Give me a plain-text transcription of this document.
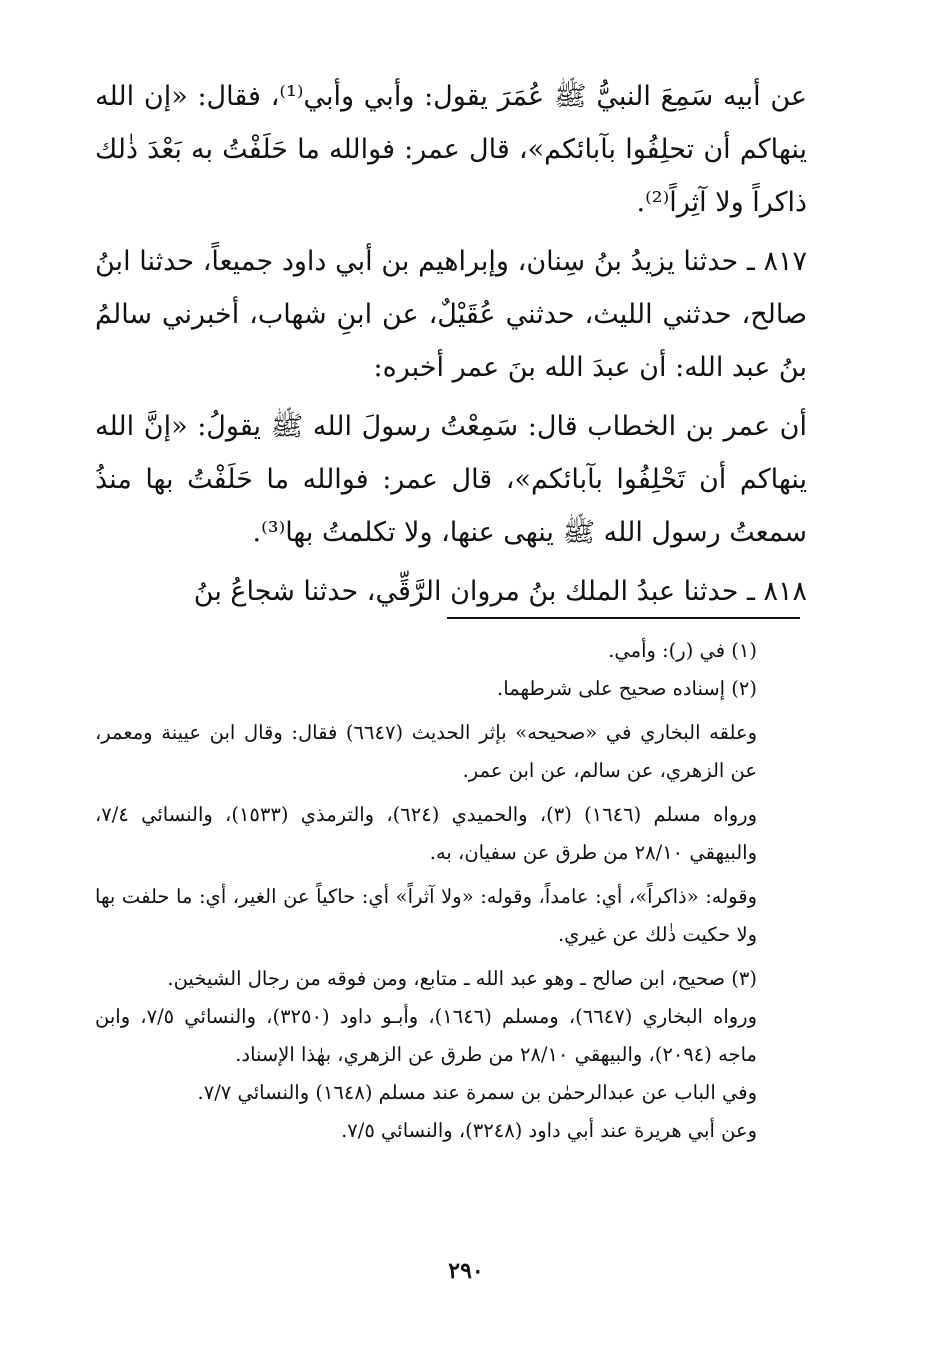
عن أبيه سَمِعَ النبيُّ ﷺ عُمَرَ يقول: وأبي وأبي⁽¹⁾، فقال: «إن الله ينهاكم أن تحلِفُوا بآبائكم»، قال عمر: فوالله ما حَلَفْتُ به بَعْدَ ذٰلك ذاكراً ولا آثِراً⁽²⁾.

٨١٧ ـ حدثنا يزيدُ بنُ سِنان، وإبراهيم بن أبي داود جميعاً، حدثنا ابنُ صالح، حدثني الليث، حدثني عُقَيْلٌ، عن ابنِ شهاب، أخبرني سالمُ بنُ عبد الله: أن عبدَ الله بنَ عمر أخبره:

أن عمر بن الخطاب قال: سَمِعْتُ رسولَ الله ﷺ يقولُ: «إنَّ الله ينهاكم أن تَحْلِفُوا بآبائكم»، قال عمر: فوالله ما حَلَفْتُ بها منذُ سمعتُ رسول الله ﷺ ينهى عنها، ولا تكلمتُ بها⁽³⁾.

٨١٨ ـ حدثنا عبدُ الملك بنُ مروان الرَّقِّي، حدثنا شجاعُ بنُ

(١) في (ر): وأمي.

(٢) إسناده صحيح على شرطهما.

وعلقه البخاري في «صحيحه» بإثر الحديث (٦٦٤٧) فقال: وقال ابن عيينة ومعمر، عن الزهري، عن سالم، عن ابن عمر.

ورواه مسلم (١٦٤٦) (٣)، والحميدي (٦٢٤)، والترمذي (١٥٣٣)، والنسائي ٧/٤، والبيهقي ٢٨/١٠ من طرق عن سفيان، به.

وقوله: «ذاكراً»، أي: عامداً، وقوله: «ولا آثراً» أي: حاكياً عن الغير، أي: ما حلفت بها ولا حكيت ذٰلك عن غيري.

(٣) صحيح، ابن صالح ـ وهو عبد الله ـ متابع، ومن فوقه من رجال الشيخين.

ورواه البخاري (٦٦٤٧)، ومسلم (١٦٤٦)، وأبـو داود (٣٢٥٠)، والنسائي ٧/٥، وابن ماجه (٢٠٩٤)، والبيهقي ٢٨/١٠ من طرق عن الزهري، بهٰذا الإسناد.

وفي الباب عن عبدالرحمٰن بن سمرة عند مسلم (١٦٤٨) والنسائي ٧/٧.

وعن أبي هريرة عند أبي داود (٣٢٤٨)، والنسائي ٧/٥.

٢٩٠
